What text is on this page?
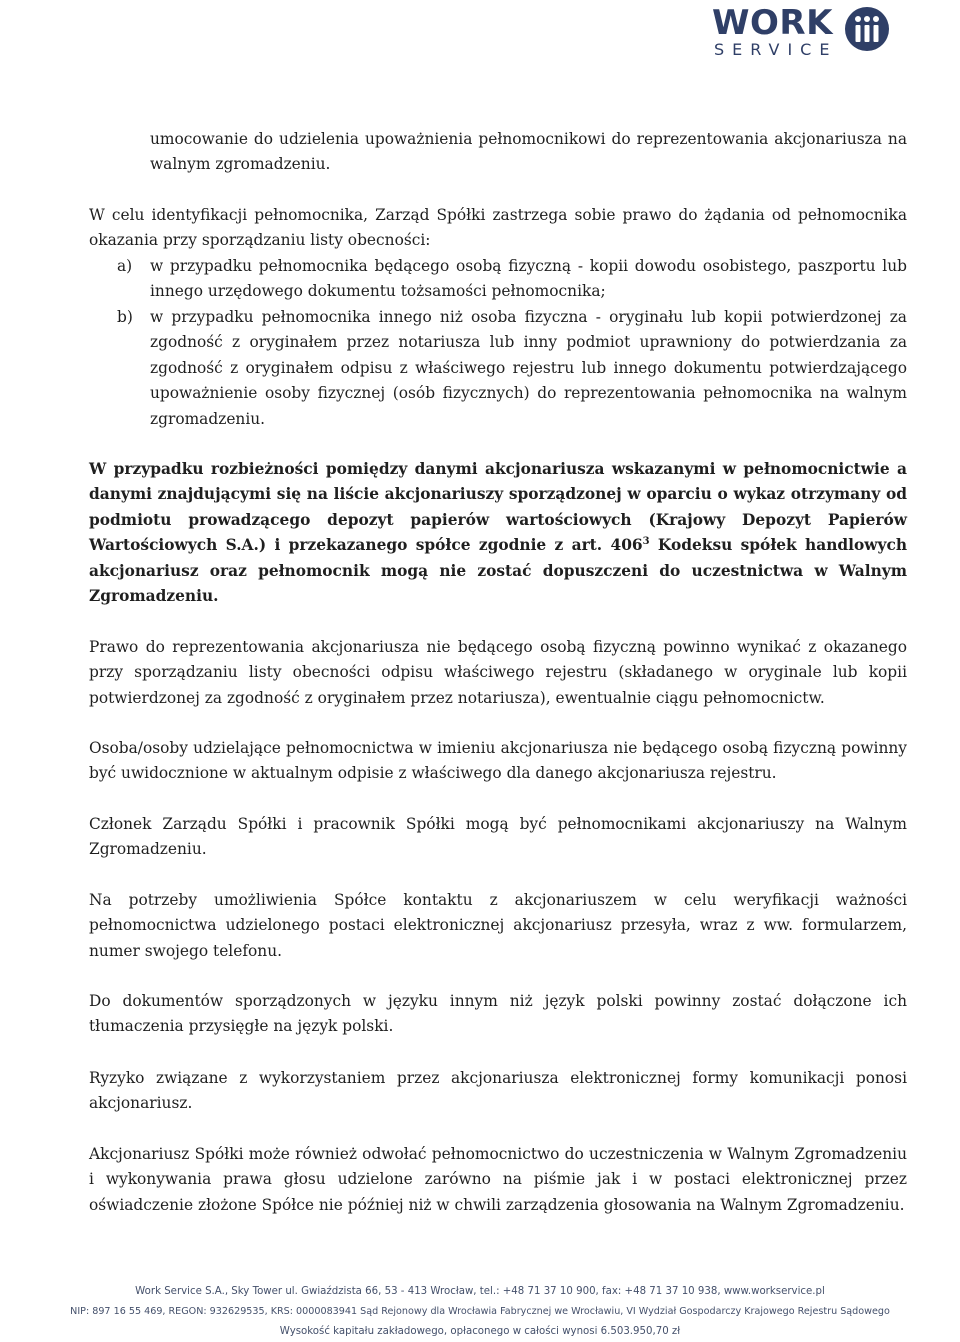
WORK
SERVICE

umocowanie do udzielenia upoważnienia pełnomocnikowi do reprezentowania akcjonariusza na walnym zgromadzeniu.

W celu identyfikacji pełnomocnika, Zarząd Spółki zastrzega sobie prawo do żądania od pełnomocnika okazania przy sporządzaniu listy obecności:

a) w przypadku pełnomocnika będącego osobą fizyczną - kopii dowodu osobistego, paszportu lub innego urzędowego dokumentu tożsamości pełnomocnika;
b) w przypadku pełnomocnika innego niż osoba fizyczna - oryginału lub kopii potwierdzonej za zgodność z oryginałem przez notariusza lub inny podmiot uprawniony do potwierdzania za zgodność z oryginałem odpisu z właściwego rejestru lub innego dokumentu potwierdzającego upoważnienie osoby fizycznej (osób fizycznych) do reprezentowania pełnomocnika na walnym zgromadzeniu.

W przypadku rozbieżności pomiędzy danymi akcjonariusza wskazanymi w pełnomocnictwie a danymi znajdującymi się na liście akcjonariuszy sporządzonej w oparciu o wykaz otrzymany od podmiotu prowadzącego depozyt papierów wartościowych (Krajowy Depozyt Papierów Wartościowych S.A.) i przekazanego spółce zgodnie z art. $406^3$ Kodeksu spółek handlowych akcjonariusz oraz pełnomocnik mogą nie zostać dopuszczeni do uczestnictwa w Walnym Zgromadzeniu.

Prawo do reprezentowania akcjonariusza nie będącego osobą fizyczną powinno wynikać z okazanego przy sporządzaniu listy obecności odpisu właściwego rejestru (składanego w oryginale lub kopii potwierdzonej za zgodność z oryginałem przez notariusza), ewentualnie ciągu pełnomocnictw.

Osoba/osoby udzielające pełnomocnictwa w imieniu akcjonariusza nie będącego osobą fizyczną powinny być uwidocznione w aktualnym odpisie z właściwego dla danego akcjonariusza rejestru.

Członek Zarządu Spółki i pracownik Spółki mogą być pełnomocnikami akcjonariuszy na Walnym Zgromadzeniu.

Na potrzeby umożliwienia Spółce kontaktu z akcjonariuszem w celu weryfikacji ważności pełnomocnictwa udzielonego postaci elektronicznej akcjonariusz przesyła, wraz z ww. formularzem, numer swojego telefonu.

Do dokumentów sporządzonych w języku innym niż język polski powinny zostać dołączone ich tłumaczenia przysięgłe na język polski.

Ryzyko związane z wykorzystaniem przez akcjonariusza elektronicznej formy komunikacji ponosi akcjonariusz.

Akcjonariusz Spółki może również odwołać pełnomocnictwo do uczestniczenia w Walnym Zgromadzeniu i wykonywania prawa głosu udzielone zarówno na piśmie jak i w postaci elektronicznej przez oświadczenie złożone Spółce nie później niż w chwili zarządzenia głosowania na Walnym Zgromadzeniu.

Work Service S.A., Sky Tower ul. Gwiaździsta 66, 53 - 413 Wrocław, tel.: +48 71 37 10 900, fax: +48 71 37 10 938, www.workservice.pl
NIP: 897 16 55 469, REGON: 932629535, KRS: 0000083941 Sąd Rejonowy dla Wrocławia Fabrycznej we Wrocławiu, VI Wydział Gospodarczy Krajowego Rejestru Sądowego
Wysokość kapitału zakładowego, opłaconego w całości wynosi 6.503.950,70 zł
